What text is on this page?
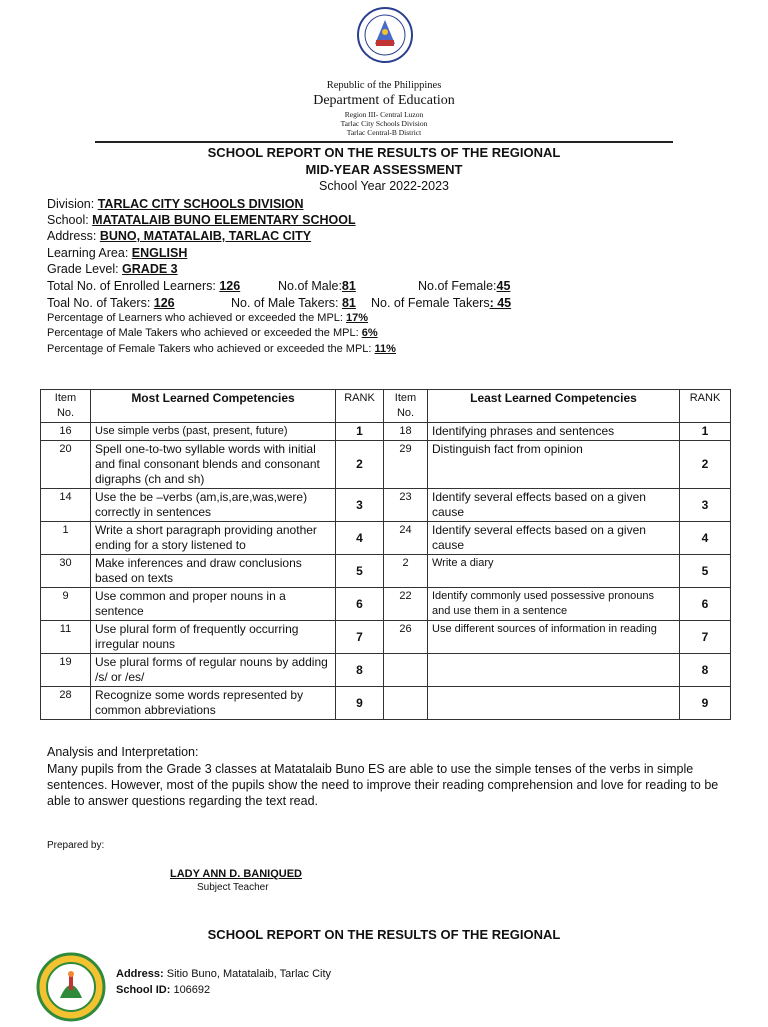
Republic of the Philippines
Department of Education
Region III- Central Luzon
Tarlac City Schools Division
Tarlac Central-B District
SCHOOL REPORT ON THE RESULTS OF THE REGIONAL
MID-YEAR ASSESSMENT
School Year 2022-2023
Division: TARLAC CITY SCHOOLS DIVISION
School: MATATALAIB BUNO ELEMENTARY SCHOOL
Address: BUNO, MATATALAIB, TARLAC CITY
Learning Area: ENGLISH
Grade Level: GRADE 3
Total No. of Enrolled Learners: 126	No.of Male:81	No.of Female:45
Toal No. of Takers: 126	No. of Male Takers: 81 No. of Female Takers: 45
Percentage of Learners who achieved or exceeded the MPL: 17%
Percentage of Male Takers who achieved or exceeded the MPL: 6%
Percentage of Female Takers who achieved or exceeded the MPL: 11%
Item No.	Most Learned Competencies	RANK	Item No.	Least Learned Competencies	RANK
16	Use simple verbs (past, present, future)	1	18	Identifying phrases and sentences	1
20	Spell one-to-two syllable words with initial and final consonant blends and consonant digraphs (ch and sh)	2	29	Distinguish fact from opinion	2
14	Use the be –verbs (am,is,are,was,were) correctly in sentences	3	23	Identify several effects based on a given cause	3
1	Write a short paragraph providing another ending for a story listened to	4	24	Identify several effects based on a given cause	4
30	Make inferences and draw conclusions based on texts	5	2	Write a diary	5
9	Use common and proper nouns in a sentence	6	22	Identify commonly used possessive pronouns and use them in a sentence	6
11	Use plural form of frequently occurring irregular nouns	7	26	Use different sources of information in reading	7
19	Use plural forms of regular nouns by adding /s/ or /es/	8			8
28	Recognize some words represented by common abbreviations	9			9
Analysis and Interpretation:
Many pupils from the Grade 3 classes at Matatalaib Buno ES are able to use the simple tenses of the verbs in simple sentences. However, most of the pupils show the need to improve their reading comprehension and love for reading to be able to answer questions regarding the text read.
Prepared by:
LADY ANN D. BANIQUED
Subject Teacher
SCHOOL REPORT ON THE RESULTS OF THE REGIONAL
Address: Sitio Buno, Matatalaib, Tarlac City
School ID: 106692
